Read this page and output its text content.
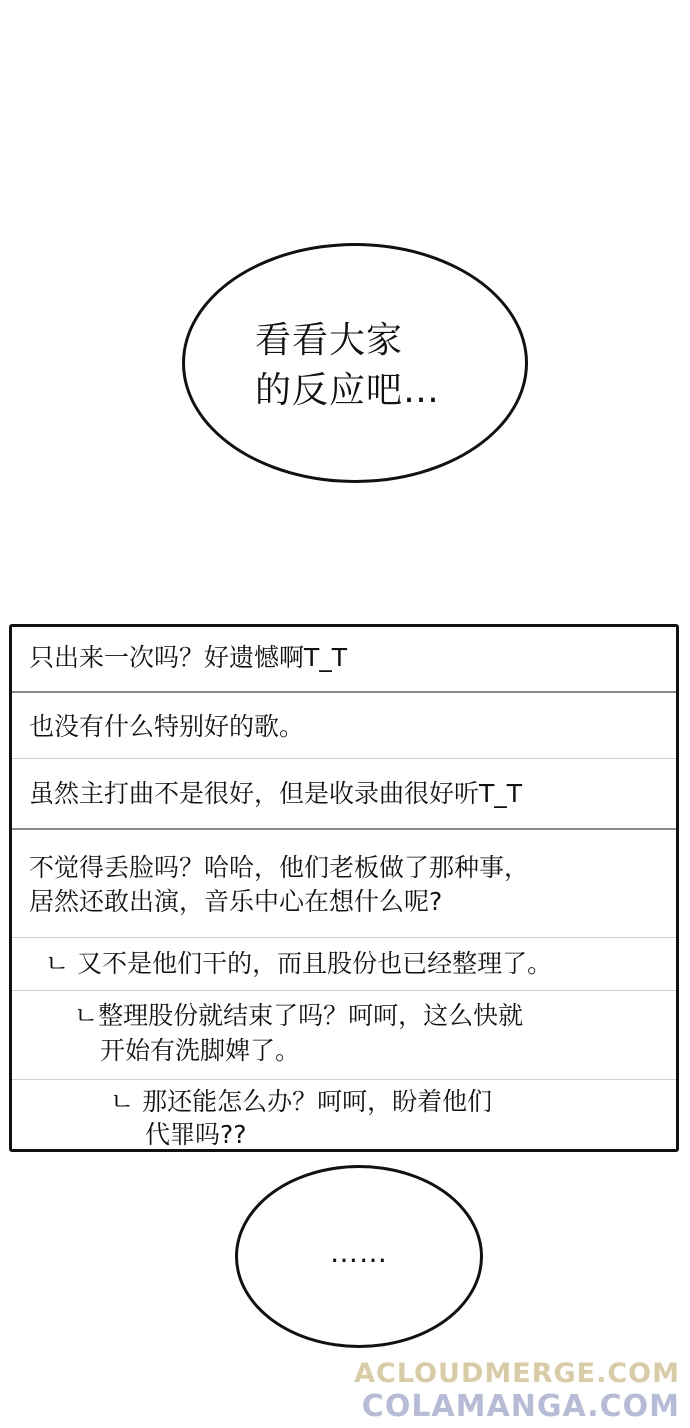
看看大家
的反应吧…
只出来一次吗？好遗憾啊T_T
也没有什么特别好的歌。
虽然主打曲不是很好，但是收录曲很好听T_T
不觉得丢脸吗？哈哈，他们老板做了那种事，
居然还敢出演，音乐中心在想什么呢?
ㄴ 又不是他们干的，而且股份也已经整理了。
ㄴ整理股份就结束了吗？呵呵，这么快就
开始有洗脚婢了。
ㄴ 那还能怎么办？呵呵，盼着他们
代罪吗??
……
ACLOUDMERGE.COM
COLAMANGA.COM
